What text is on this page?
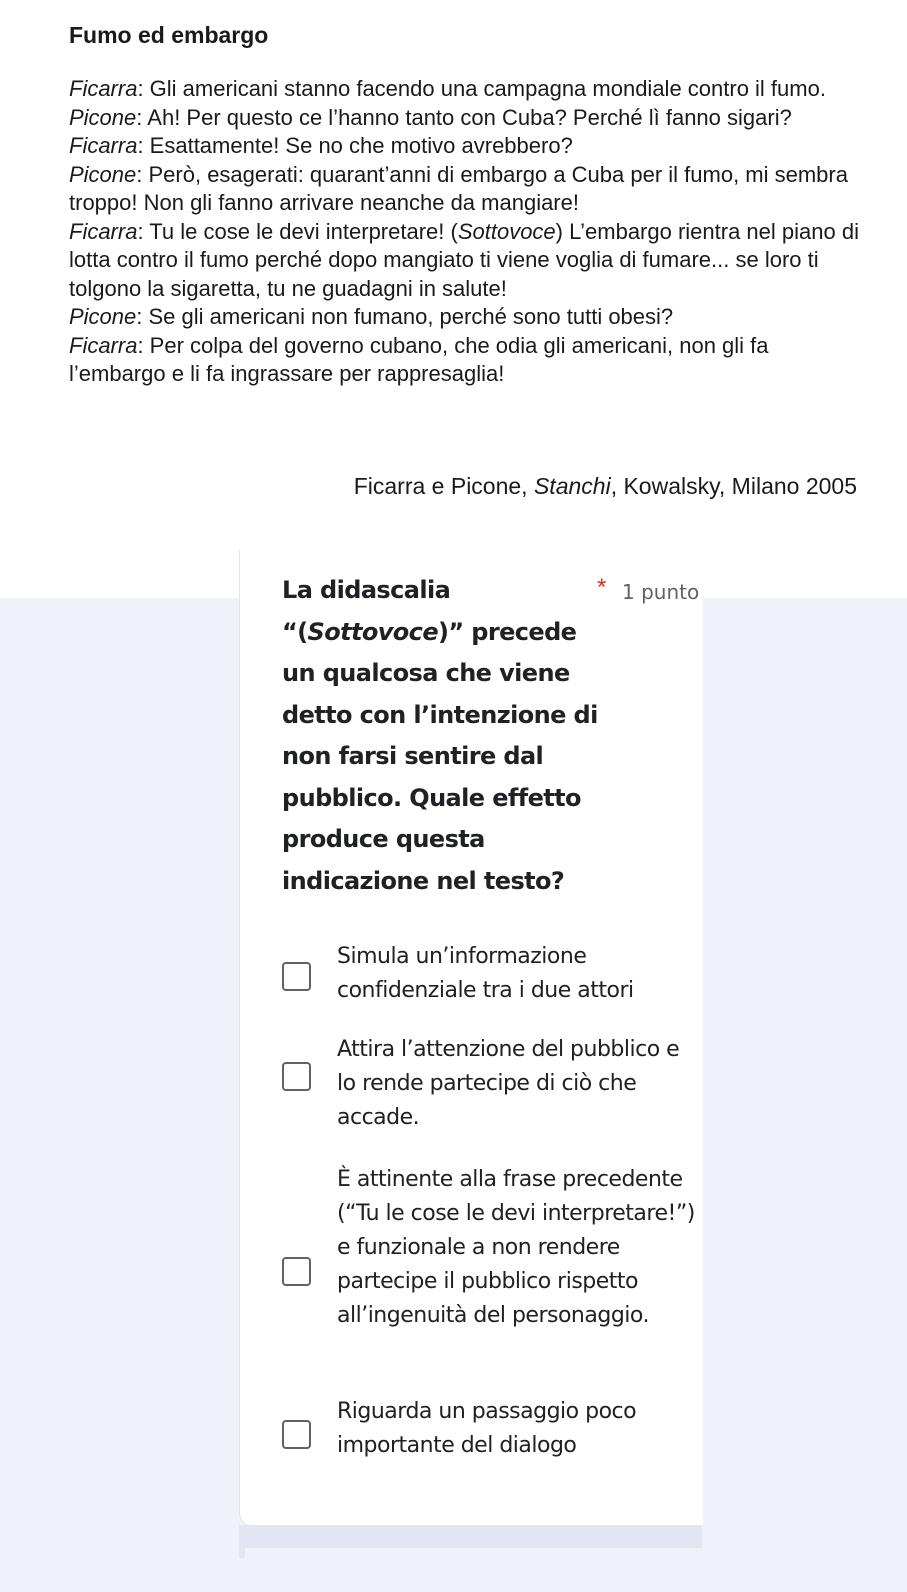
Fumo ed embargo

Ficarra: Gli americani stanno facendo una campagna mondiale contro il fumo.
Picone: Ah! Per questo ce l’hanno tanto con Cuba? Perché lì fanno sigari?
Ficarra: Esattamente! Se no che motivo avrebbero?
Picone: Però, esagerati: quarant’anni di embargo a Cuba per il fumo, mi sembra troppo! Non gli fanno arrivare neanche da mangiare!
Ficarra: Tu le cose le devi interpretare! (Sottovoce) L’embargo rientra nel piano di lotta contro il fumo perché dopo mangiato ti viene voglia di fumare... se loro ti tolgono la sigaretta, tu ne guadagni in salute!
Picone: Se gli americani non fumano, perché sono tutti obesi?
Ficarra: Per colpa del governo cubano, che odia gli americani, non gli fa l’embargo e li fa ingrassare per rappresaglia!

Ficarra e Picone, Stanchi, Kowalsky, Milano 2005
La didascalia “(Sottovoce)” precede un qualcosa che viene detto con l’intenzione di non farsi sentire dal pubblico. Quale effetto produce questa indicazione nel testo?
* 1 punto
Simula un’informazione confidenziale tra i due attori
Attira l’attenzione del pubblico e lo rende partecipe di ciò che accade.
È attinente alla frase precedente (“Tu le cose le devi interpretare!”) e funzionale a non rendere partecipe il pubblico rispetto all’ingenuità del personaggio.
Riguarda un passaggio poco importante del dialogo
